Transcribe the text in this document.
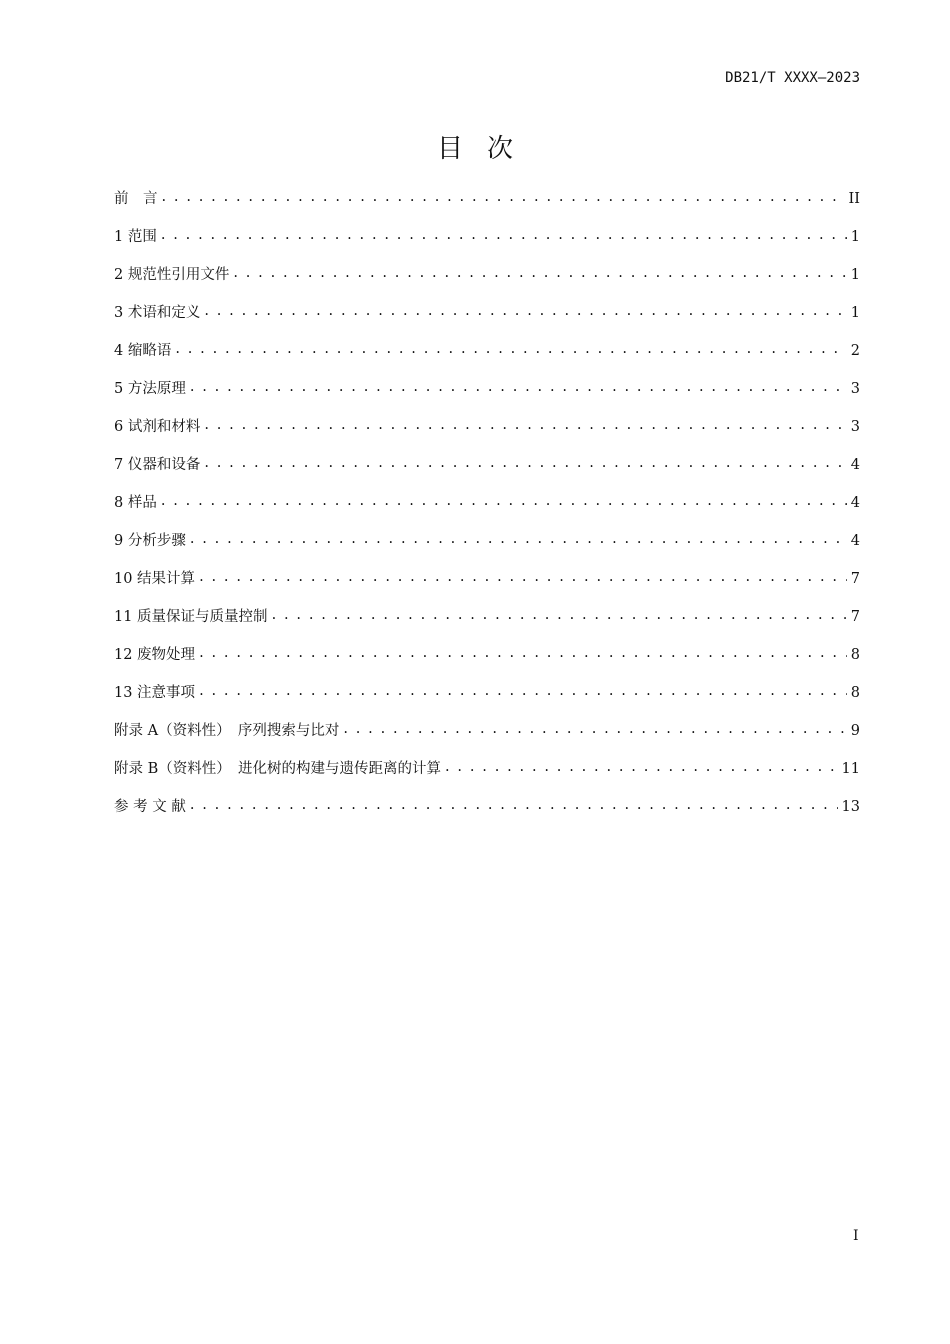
DB21/T XXXX—2023
目次
前　言 . . .	II
1 范围 . . .	1
2 规范性引用文件 . . .	1
3 术语和定义 . . .	1
4 缩略语 . . .	2
5 方法原理 . . .	3
6 试剂和材料 . . .	3
7 仪器和设备 . . .	4
8 样品 . . .	4
9 分析步骤 . . .	4
10 结果计算 . . .	7
11 质量保证与质量控制 . . .	7
12 废物处理 . . .	8
13 注意事项 . . .	8
附录 A（资料性）　序列搜索与比对 . . .	9
附录 B（资料性）　进化树的构建与遗传距离的计算 . . .	11
参 考 文 献 . . .	13
I
